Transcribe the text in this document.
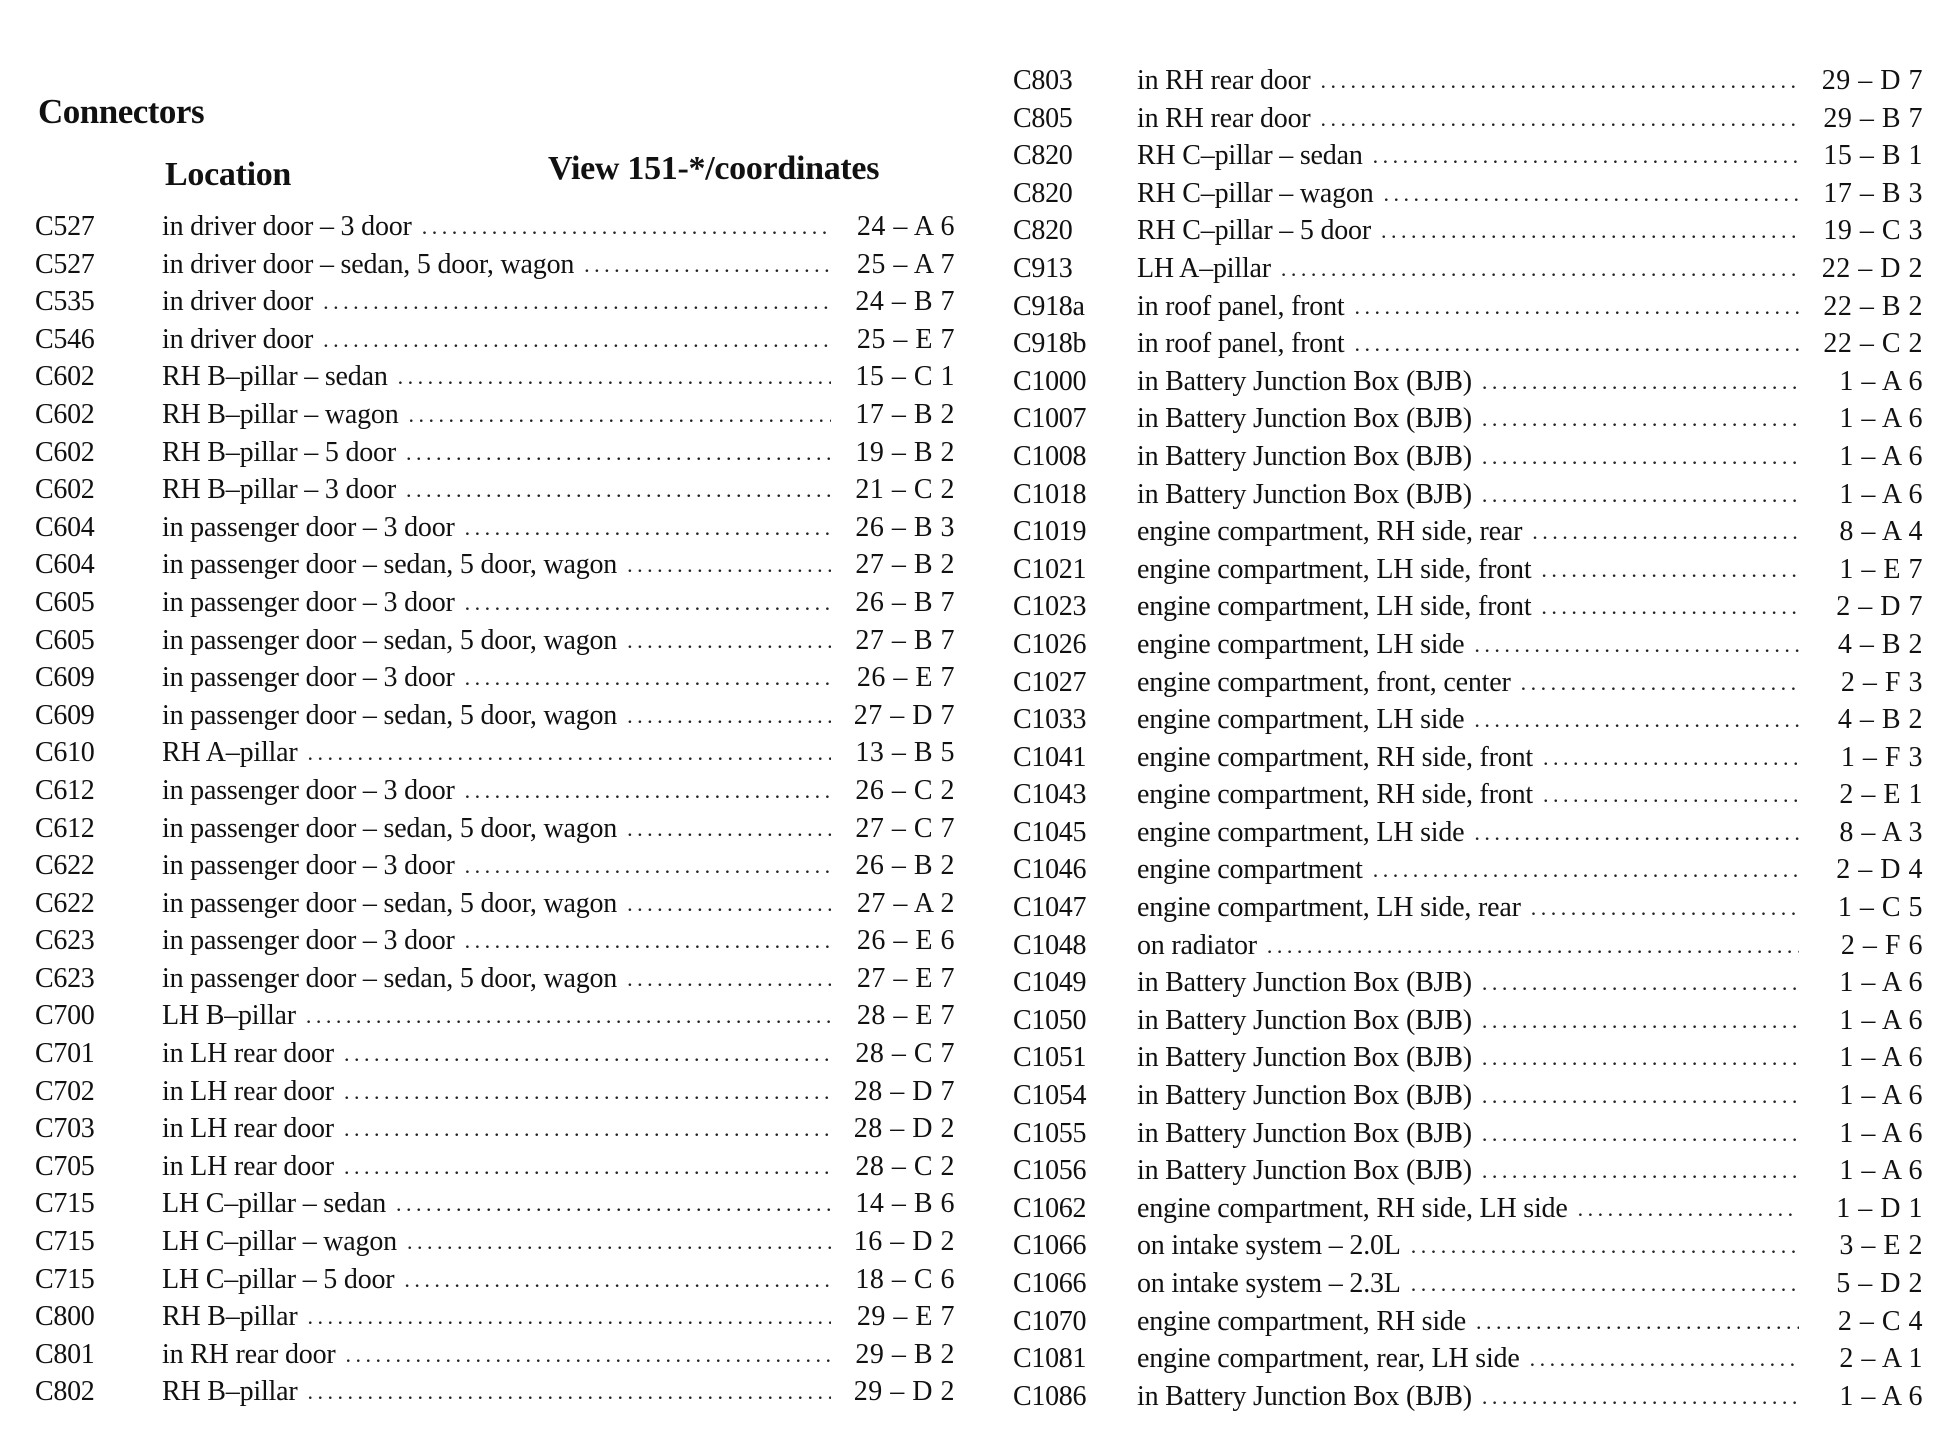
Connectors
Location	View 151-*/coordinates
C527	in driver door – 3 door . . .	24 – A 6
C527	in driver door – sedan, 5 door, wagon . . .	25 – A 7
C535	in driver door . . .	24 – B 7
C546	in driver door . . .	25 – E 7
C602	RH B–pillar – sedan . . .	15 – C 1
C602	RH B–pillar – wagon . . .	17 – B 2
C602	RH B–pillar – 5 door . . .	19 – B 2
C602	RH B–pillar – 3 door . . .	21 – C 2
C604	in passenger door – 3 door . . .	26 – B 3
C604	in passenger door – sedan, 5 door, wagon . . .	27 – B 2
C605	in passenger door – 3 door . . .	26 – B 7
C605	in passenger door – sedan, 5 door, wagon . . .	27 – B 7
C609	in passenger door – 3 door . . .	26 – E 7
C609	in passenger door – sedan, 5 door, wagon . . .	27 – D 7
C610	RH A–pillar . . .	13 – B 5
C612	in passenger door – 3 door . . .	26 – C 2
C612	in passenger door – sedan, 5 door, wagon . . .	27 – C 7
C622	in passenger door – 3 door . . .	26 – B 2
C622	in passenger door – sedan, 5 door, wagon . . .	27 – A 2
C623	in passenger door – 3 door . . .	26 – E 6
C623	in passenger door – sedan, 5 door, wagon . . .	27 – E 7
C700	LH B–pillar . . .	28 – E 7
C701	in LH rear door . . .	28 – C 7
C702	in LH rear door . . .	28 – D 7
C703	in LH rear door . . .	28 – D 2
C705	in LH rear door . . .	28 – C 2
C715	LH C–pillar – sedan . . .	14 – B 6
C715	LH C–pillar – wagon . . .	16 – D 2
C715	LH C–pillar – 5 door . . .	18 – C 6
C800	RH B–pillar . . .	29 – E 7
C801	in RH rear door . . .	29 – B 2
C802	RH B–pillar . . .	29 – D 2
C803	in RH rear door . . .	29 – D 7
C805	in RH rear door . . .	29 – B 7
C820	RH C–pillar – sedan . . .	15 – B 1
C820	RH C–pillar – wagon . . .	17 – B 3
C820	RH C–pillar – 5 door . . .	19 – C 3
C913	LH A–pillar . . .	22 – D 2
C918a	in roof panel, front . . .	22 – B 2
C918b	in roof panel, front . . .	22 – C 2
C1000	in Battery Junction Box (BJB) . . .	1 – A 6
C1007	in Battery Junction Box (BJB) . . .	1 – A 6
C1008	in Battery Junction Box (BJB) . . .	1 – A 6
C1018	in Battery Junction Box (BJB) . . .	1 – A 6
C1019	engine compartment, RH side, rear . . .	8 – A 4
C1021	engine compartment, LH side, front . . .	1 – E 7
C1023	engine compartment, LH side, front . . .	2 – D 7
C1026	engine compartment, LH side . . .	4 – B 2
C1027	engine compartment, front, center . . .	2 – F 3
C1033	engine compartment, LH side . . .	4 – B 2
C1041	engine compartment, RH side, front . . .	1 – F 3
C1043	engine compartment, RH side, front . . .	2 – E 1
C1045	engine compartment, LH side . . .	8 – A 3
C1046	engine compartment . . .	2 – D 4
C1047	engine compartment, LH side, rear . . .	1 – C 5
C1048	on radiator . . .	2 – F 6
C1049	in Battery Junction Box (BJB) . . .	1 – A 6
C1050	in Battery Junction Box (BJB) . . .	1 – A 6
C1051	in Battery Junction Box (BJB) . . .	1 – A 6
C1054	in Battery Junction Box (BJB) . . .	1 – A 6
C1055	in Battery Junction Box (BJB) . . .	1 – A 6
C1056	in Battery Junction Box (BJB) . . .	1 – A 6
C1062	engine compartment, RH side, LH side . . .	1 – D 1
C1066	on intake system – 2.0L . . .	3 – E 2
C1066	on intake system – 2.3L . . .	5 – D 2
C1070	engine compartment, RH side . . .	2 – C 4
C1081	engine compartment, rear, LH side . . .	2 – A 1
C1086	in Battery Junction Box (BJB) . . .	1 – A 6
